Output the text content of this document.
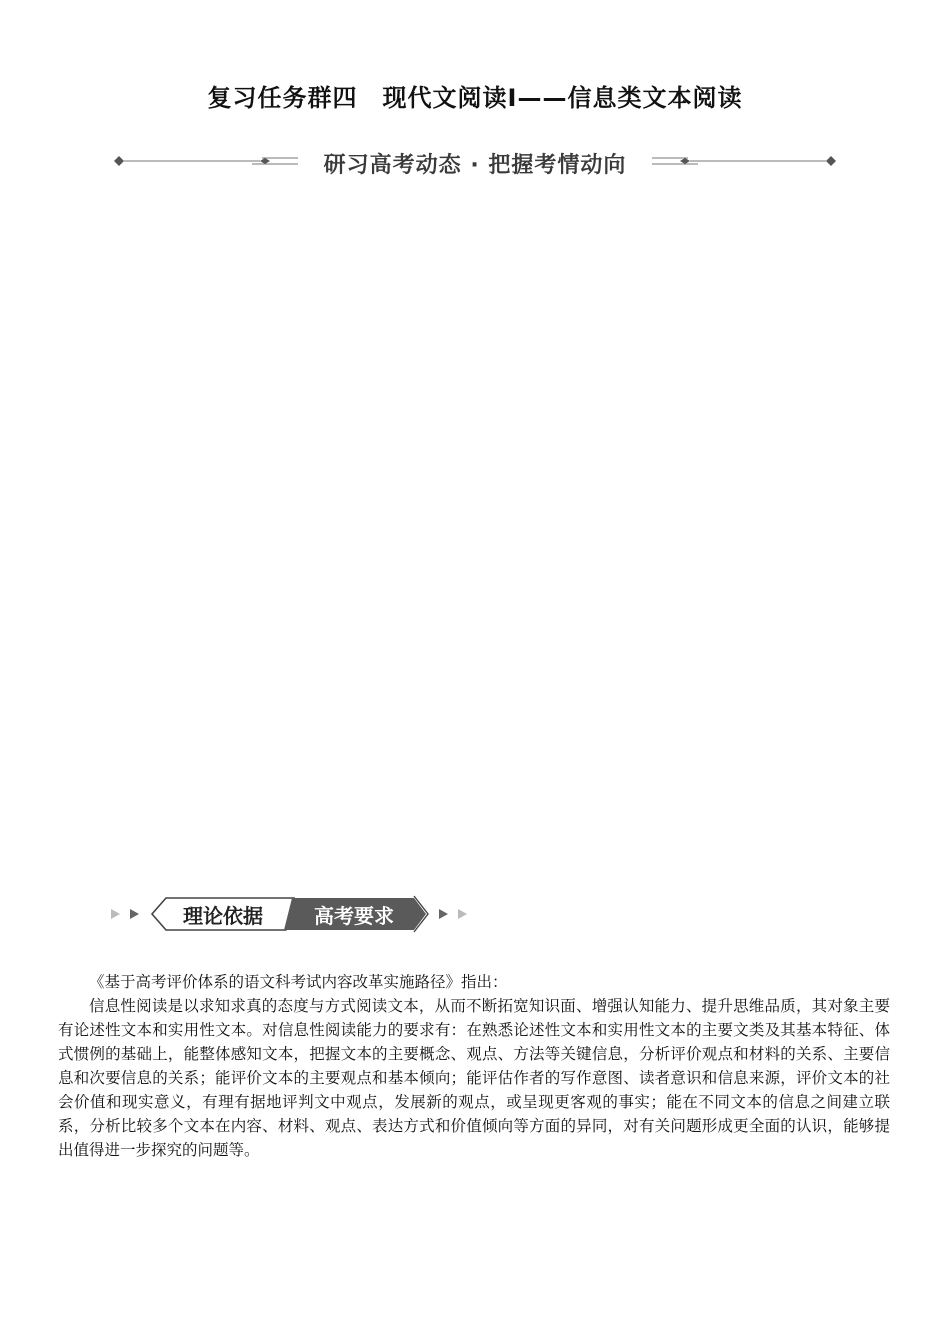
复习任务群四　现代文阅读Ⅰ——信息类文本阅读
研习高考动态 · 把握考情动向
理论依据	高考要求

《基于高考评价体系的语文科考试内容改革实施路径》指出：

信息性阅读是以求知求真的态度与方式阅读文本，从而不断拓宽知识面、增强认知能力、提升思维品质，其对象主要有论述性文本和实用性文本。对信息性阅读能力的要求有：在熟悉论述性文本和实用性文本的主要文类及其基本特征、体式惯例的基础上，能整体感知文本，把握文本的主要概念、观点、方法等关键信息，分析评价观点和材料的关系、主要信息和次要信息的关系；能评价文本的主要观点和基本倾向；能评估作者的写作意图、读者意识和信息来源，评价文本的社会价值和现实意义，有理有据地评判文中观点，发展新的观点，或呈现更客观的事实；能在不同文本的信息之间建立联系，分析比较多个文本在内容、材料、观点、表达方式和价值倾向等方面的异同，对有关问题形成更全面的认识，能够提出值得进一步探究的问题等。
